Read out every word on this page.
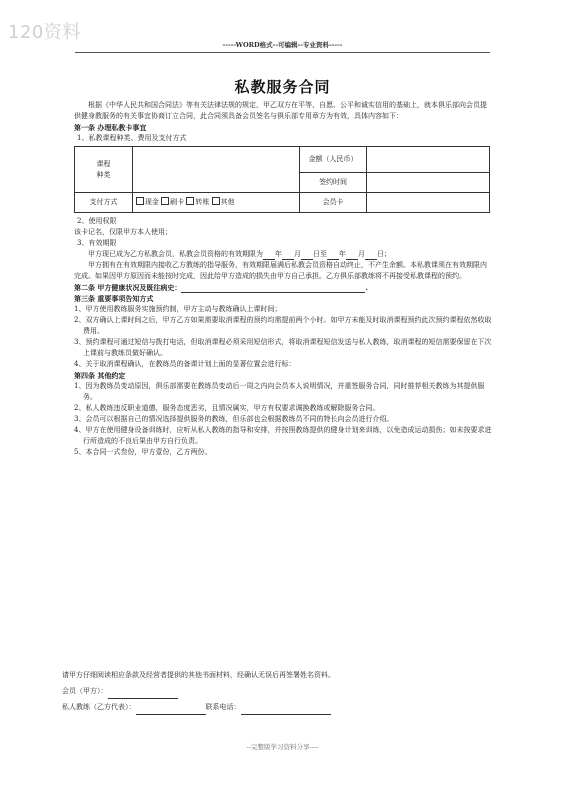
120资料
-----WORD格式--可编辑--专业资料-----
私教服务合同

根据《中华人民共和国合同法》等有关法律法规的规定，甲乙双方在平等、自愿、公平和诚实信用的基础上，就本俱乐部向会员提供健身教服务的有关事宜协商订立合同，此合同须具备会员签名与俱乐部专用章方为有效，具体内容如下：

第一条 办理私教卡事宜

1、私教课程种类、费用及支付方式

课程
种类		金额（人民币）	
		签约时间	
支付方式	现金 刷卡 转账 其他	会员卡	

2、使用权限

该卡记名，仅限甲方本人使用；

3、有效期限

甲方现已成为乙方私教会员，私教会员资格的有效期限为 年 月 日至 年 月 日；

甲方拥有在有效期限内接收乙方教练的指导服务，有效期限届满后私教会员资格自动终止，不产生余额。本私教课须在有效期限内完成。如果因甲方原因而未能按时完成，因此给甲方造成的损失由甲方自己承担。乙方俱乐部教练将不再接受私教课程的预约。

第二条 甲方健康状况及既往病史：	.

第三条 重要事项告知方式

1、甲方使用教练服务实施预约制，甲方主动与教练确认上课时间；

2、双方确认上课时间之后，甲方乙方如果需要取消课程的预约均需提前两个小时。如甲方未能及时取消课程预约此次预约课程依然收取费用。

3、预约课程可通过短信与拨打电话，但取消课程必须采用短信形式，将取消课程短信发送与私人教练，取消课程的短信需要保留在下次上课前与教练员做好确认。

4、关于取消课程确认，在教练员的备课计划上面的显著位置会进行标：

第四条 其他约定

1、因为教练员变动原因，俱乐部需要在教练员变动后一周之内向会员本人说明情况，并重签服务合同，同时推荐相关教练为其提供服务。

2、私人教练违反职业道德，服务态度恶劣，且情况属实，甲方有权要求调换教练或解除服务合同。

3、会员可以根据自己的情况选择提供服务的教练，但乐部也会根据教练员不同的特长向会员进行介绍。

4、甲方在使用健身设备训练时，应听从私人教练的指导和安排，并按照教练提供的健身计划来训练，以免造成运动损伤；如未按要求进行所造成的不良后果由甲方自行负责。

5、本合同一式叁份，甲方壹份，乙方两份。

请甲方仔细阅读相应条款及经营者提供的其他书面材料，经确认无误后再签署姓名资料。
会员（甲方）：
私人教练（乙方代表）：	联系电话：
--完整版学习资料分享----
